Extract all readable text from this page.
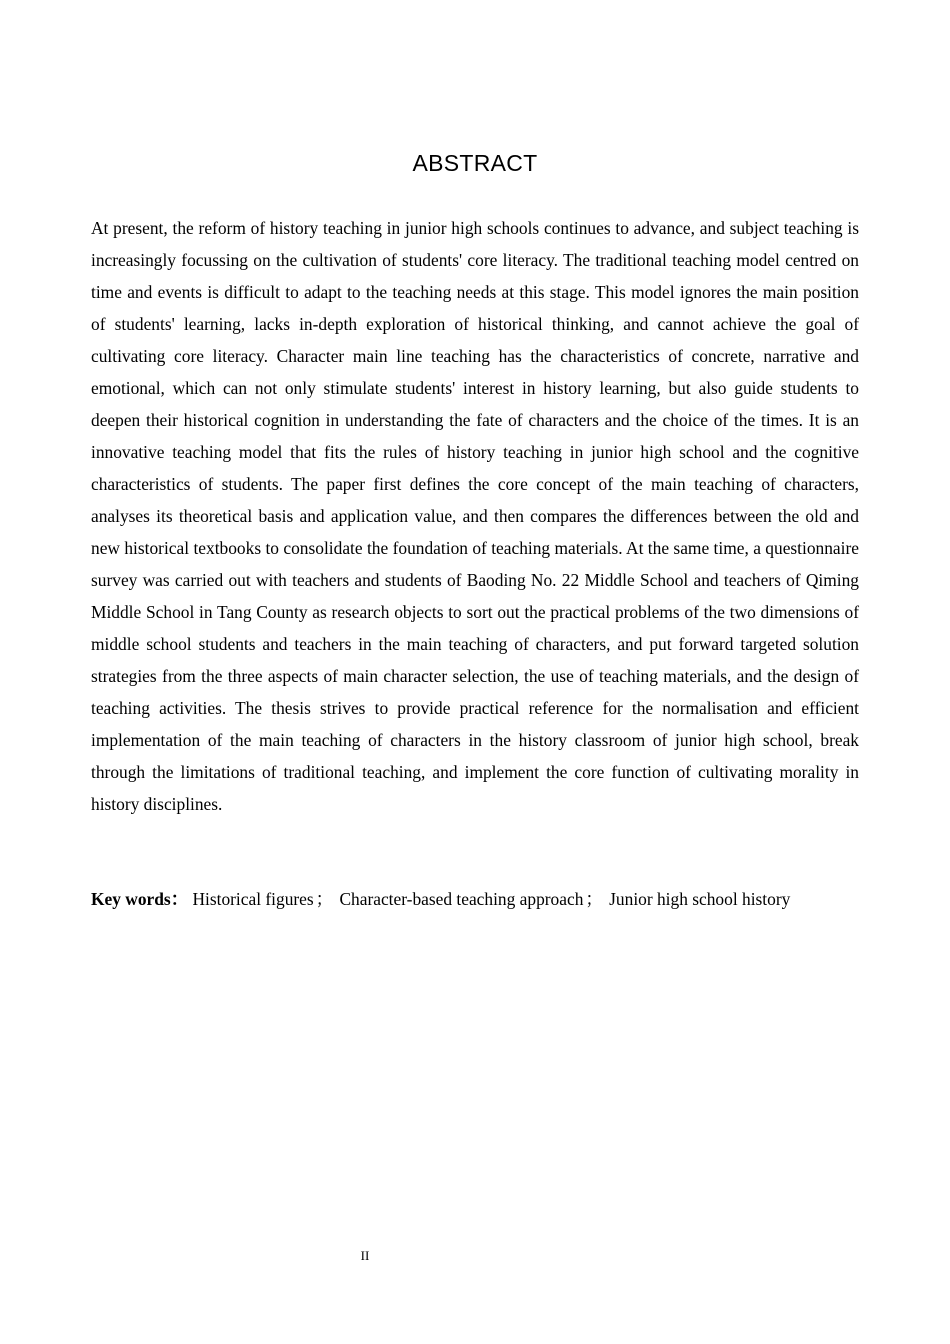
ABSTRACT

At present, the reform of history teaching in junior high schools continues to advance, and subject teaching is increasingly focussing on the cultivation of students' core literacy. The traditional teaching model centred on time and events is difficult to adapt to the teaching needs at this stage. This model ignores the main position of students' learning, lacks in-depth exploration of historical thinking, and cannot achieve the goal of cultivating core literacy. Character main line teaching has the characteristics of concrete, narrative and emotional, which can not only stimulate students' interest in history learning, but also guide students to deepen their historical cognition in understanding the fate of characters and the choice of the times. It is an innovative teaching model that fits the rules of history teaching in junior high school and the cognitive characteristics of students. The paper first defines the core concept of the main teaching of characters, analyses its theoretical basis and application value, and then compares the differences between the old and new historical textbooks to consolidate the foundation of teaching materials. At the same time, a questionnaire survey was carried out with teachers and students of Baoding No. 22 Middle School and teachers of Qiming Middle School in Tang County as research objects to sort out the practical problems of the two dimensions of middle school students and teachers in the main teaching of characters, and put forward targeted solution strategies from the three aspects of main character selection, the use of teaching materials, and the design of teaching activities. The thesis strives to provide practical reference for the normalisation and efficient implementation of the main teaching of characters in the history classroom of junior high school, break through the limitations of traditional teaching, and implement the core function of cultivating morality in history disciplines.

Key words： Historical figures ； Character-based teaching approach ； Junior high school history

II
